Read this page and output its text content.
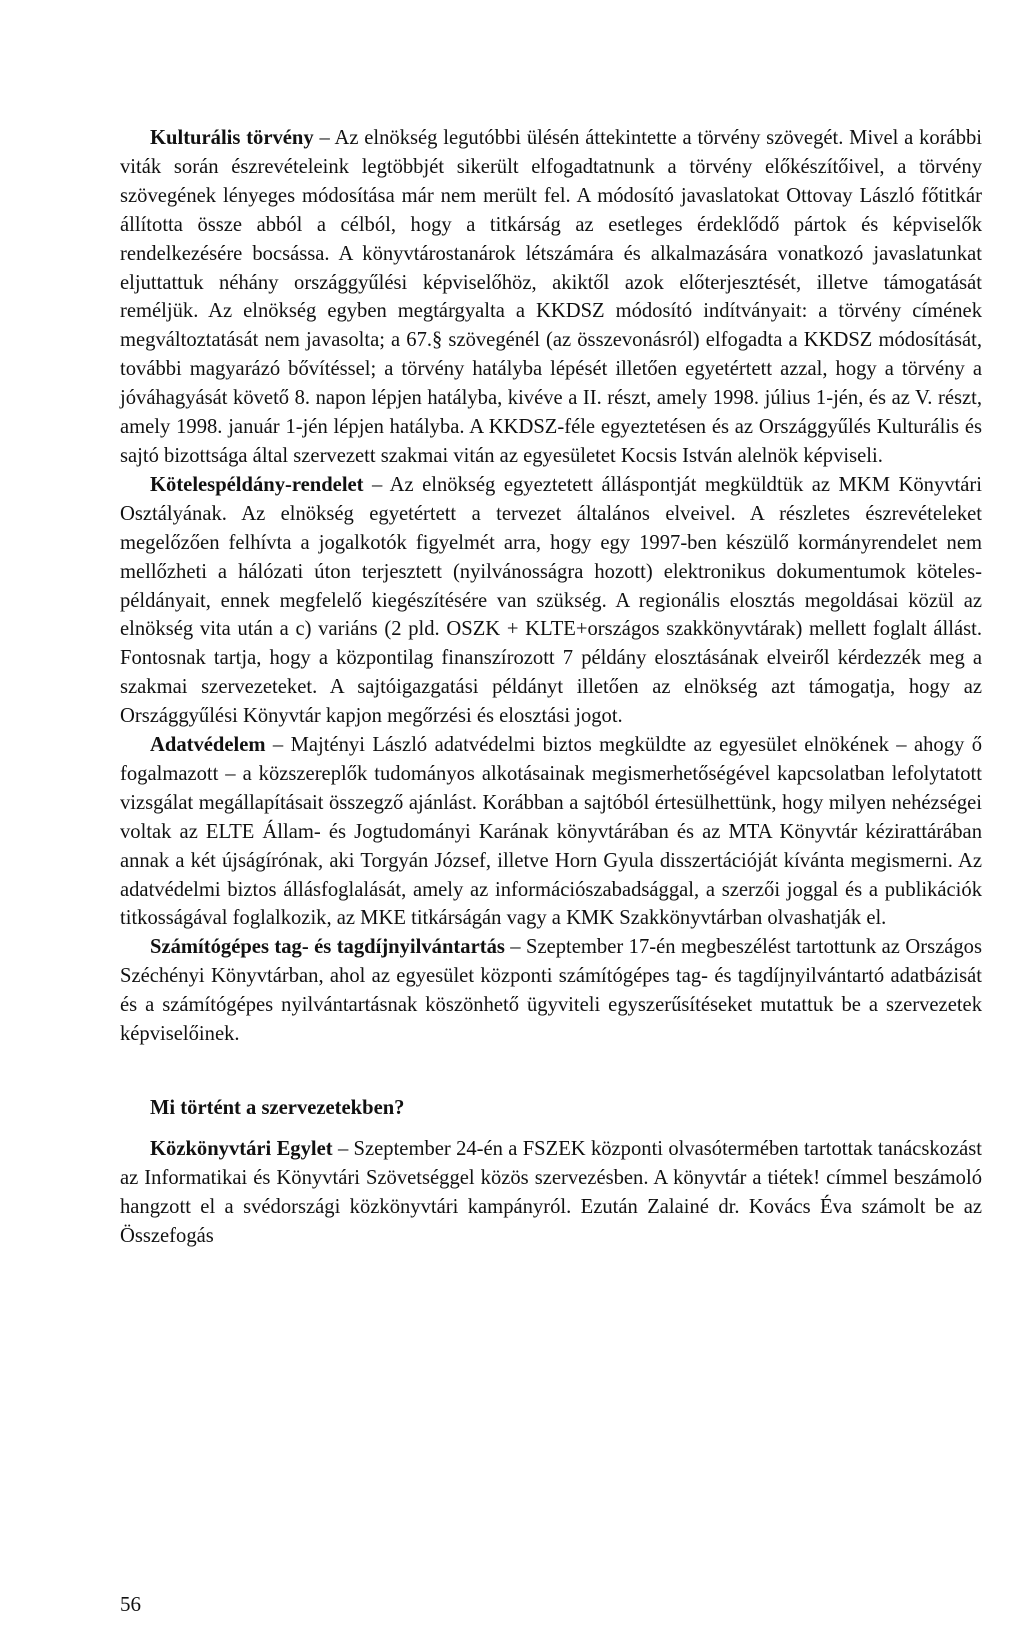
Kulturális törvény – Az elnökség legutóbbi ülésén áttekintette a törvény szövegét. Mivel a korábbi viták során észrevételeink legtöbbjét sikerült elfogadtatnunk a törvény előkészítőivel, a törvény szövegének lényeges módosítása már nem merült fel. A módosító javaslatokat Ottovay László főtitkár állította össze abból a célból, hogy a titkárság az esetleges érdeklődő pártok és képviselők rendelkezésére bocsássa. A könyvtárostanárok létszámára és alkalmazására vonatkozó javaslatunkat eljuttattuk néhány országgyűlési képviselőhöz, akiktől azok előterjesztését, illetve támogatását reméljük. Az elnökség egyben megtárgyalta a KKDSZ módosító indítványait: a törvény címének megváltoztatását nem javasolta; a 67.§ szövegénél (az összevonásról) elfogadta a KKDSZ módosítását, további magyarázó bővítéssel; a törvény hatályba lépését illetően egyetértett azzal, hogy a törvény a jóváhagyását követő 8. napon lépjen hatályba, kivéve a II. részt, amely 1998. július 1-jén, és az V. részt, amely 1998. január 1-jén lépjen hatályba. A KKDSZ-féle egyeztetésen és az Országgyűlés Kulturális és sajtó bizottsága által szervezett szakmai vitán az egyesületet Kocsis István alelnök képviseli.

Kötelespéldány-rendelet – Az elnökség egyeztetett álláspontját megküldtük az MKM Könyvtári Osztályának. Az elnökség egyetértett a tervezet általános elveivel. A részletes észrevételeket megelőzően felhívta a jogalkotók figyelmét arra, hogy egy 1997-ben készülő kormányrendelet nem mellőzheti a hálózati úton terjesztett (nyilvánosságra hozott) elektronikus dokumentumok kötelespéldányait, ennek megfelelő kiegészítésére van szükség. A regionális elosztás megoldásai közül az elnökség vita után a c) variáns (2 pld. OSZK + KLTE+országos szakkönyvtárak) mellett foglalt állást. Fontosnak tartja, hogy a központilag finanszírozott 7 példány elosztásának elveiről kérdezzék meg a szakmai szervezeteket. A sajtóigazgatási példányt illetően az elnökség azt támogatja, hogy az Országgyűlési Könyvtár kapjon megőrzési és elosztási jogot.

Adatvédelem – Majtényi László adatvédelmi biztos megküldte az egyesület elnökének – ahogy ő fogalmazott – a közszereplők tudományos alkotásainak megismerhetőségével kapcsolatban lefolytatott vizsgálat megállapításait összegző ajánlást. Korábban a sajtóból értesülhettünk, hogy milyen nehézségei voltak az ELTE Állam- és Jogtudományi Karának könyvtárában és az MTA Könyvtár kézirattárában annak a két újságírónak, aki Torgyán József, illetve Horn Gyula disszertációját kívánta megismerni. Az adatvédelmi biztos állásfoglalását, amely az információszabadsággal, a szerzői joggal és a publikációk titkosságával foglalkozik, az MKE titkárságán vagy a KMK Szakkönyvtárban olvashatják el.

Számítógépes tag- és tagdíjnyilvántartás – Szeptember 17-én megbeszélést tartottunk az Országos Széchényi Könyvtárban, ahol az egyesület központi számítógépes tag- és tagdíjnyilvántartó adatbázisát és a számítógépes nyilvántartásnak köszönhető ügyviteli egyszerűsítéseket mutattuk be a szervezetek képviselőinek.

Mi történt a szervezetekben?

Közkönyvtári Egylet – Szeptember 24-én a FSZEK központi olvasótermében tartottak tanácskozást az Informatikai és Könyvtári Szövetséggel közös szervezésben. A könyvtár a tiétek! címmel beszámoló hangzott el a svédországi közkönyvtári kampányról. Ezután Zalainé dr. Kovács Éva számolt be az Összefogás

56
